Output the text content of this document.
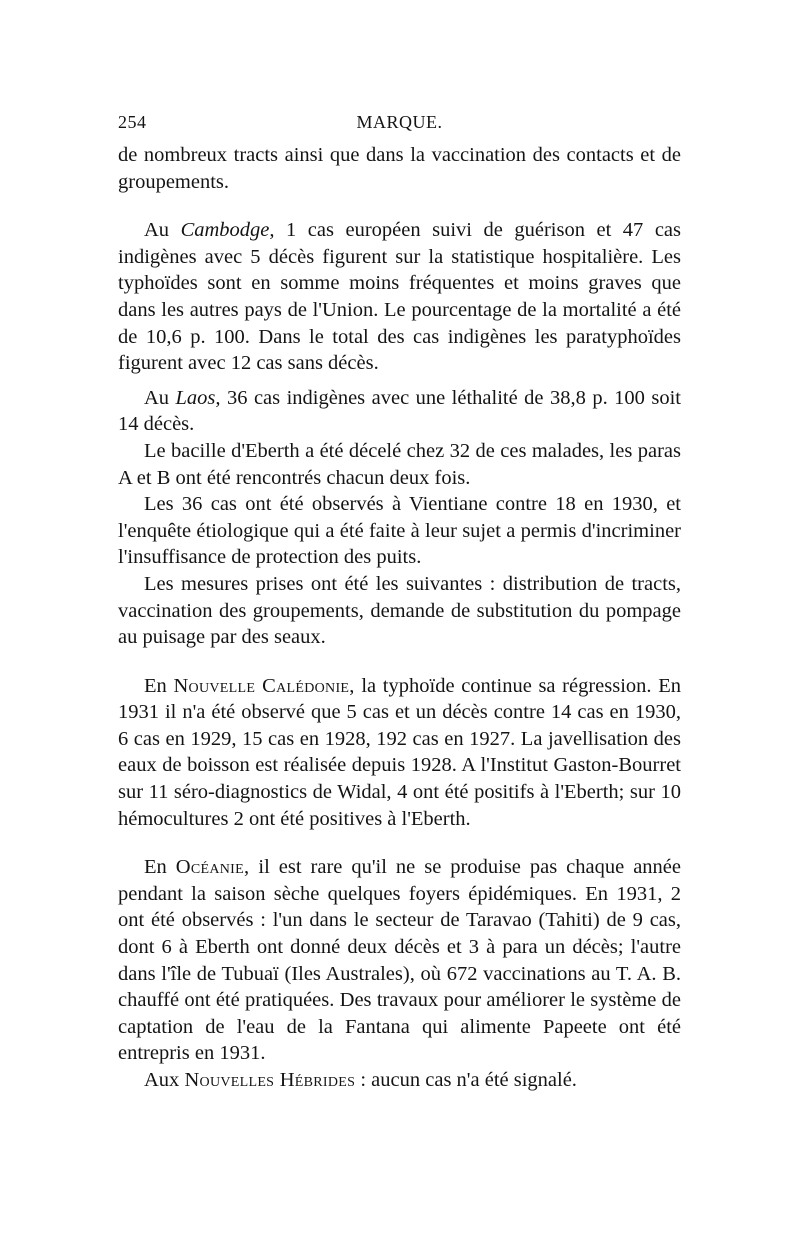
254	MARQUE.

de nombreux tracts ainsi que dans la vaccination des contacts et de groupements.

Au Cambodge, 1 cas européen suivi de guérison et 47 cas indigènes avec 5 décès figurent sur la statistique hospitalière. Les typhoïdes sont en somme moins fréquentes et moins graves que dans les autres pays de l'Union. Le pourcentage de la mortalité a été de 10,6 p. 100. Dans le total des cas indigènes les paratyphoïdes figurent avec 12 cas sans décès.

Au Laos, 36 cas indigènes avec une léthalité de 38,8 p. 100 soit 14 décès.

Le bacille d'Eberth a été décelé chez 32 de ces malades, les paras A et B ont été rencontrés chacun deux fois.

Les 36 cas ont été observés à Vientiane contre 18 en 1930, et l'enquête étiologique qui a été faite à leur sujet a permis d'incriminer l'insuffisance de protection des puits.

Les mesures prises ont été les suivantes : distribution de tracts, vaccination des groupements, demande de substitution du pompage au puisage par des seaux.

En Nouvelle Calédonie, la typhoïde continue sa régression. En 1931 il n'a été observé que 5 cas et un décès contre 14 cas en 1930, 6 cas en 1929, 15 cas en 1928, 192 cas en 1927. La javellisation des eaux de boisson est réalisée depuis 1928. A l'Institut Gaston-Bourret sur 11 séro-diagnostics de Widal, 4 ont été positifs à l'Eberth; sur 10 hémocultures 2 ont été positives à l'Eberth.

En Océanie, il est rare qu'il ne se produise pas chaque année pendant la saison sèche quelques foyers épidémiques. En 1931, 2 ont été observés : l'un dans le secteur de Taravao (Tahiti) de 9 cas, dont 6 à Eberth ont donné deux décès et 3 à para un décès; l'autre dans l'île de Tubuaï (Iles Australes), où 672 vaccinations au T. A. B. chauffé ont été pratiquées. Des travaux pour améliorer le système de captation de l'eau de la Fantana qui alimente Papeete ont été entrepris en 1931.

Aux Nouvelles Hébrides : aucun cas n'a été signalé.
